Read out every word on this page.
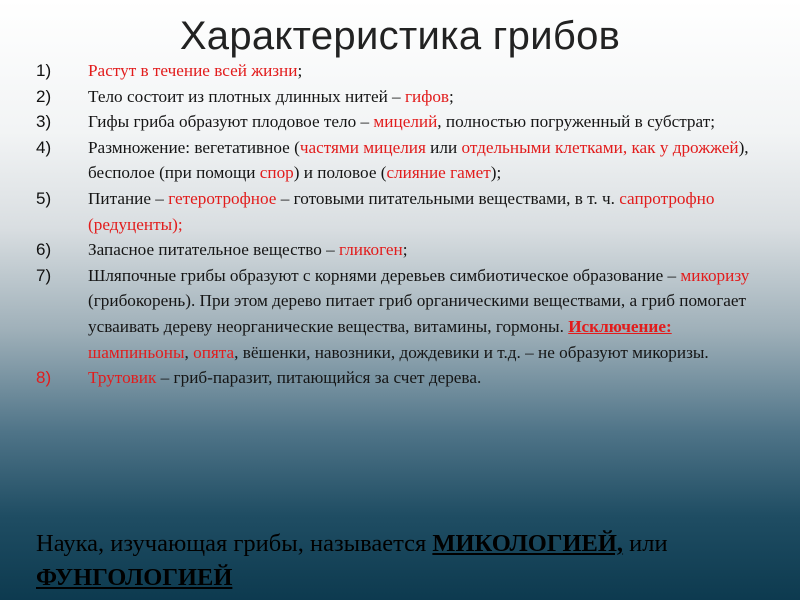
Характеристика грибов
1)	Растут в течение всей жизни;
2)	Тело состоит из плотных длинных нитей – гифов;
3)	Гифы гриба образуют плодовое тело – мицелий, полностью погруженный в субстрат;
4)	Размножение: вегетативное (частями мицелия или отдельными клетками, как у дрожжей), бесполое (при помощи спор) и половое (слияние гамет);
5)	Питание – гетеротрофное – готовыми питательными веществами, в т. ч. сапротрофно (редуценты);
6)	Запасное питательное вещество – гликоген;
7)	Шляпочные грибы образуют с корнями деревьев симбиотическое образование – микоризу (грибокорень). При этом дерево питает гриб органическими веществами, а гриб помогает усваивать дереву неорганические вещества, витамины, гормоны. Исключение: шампиньоны, опята, вёшенки, навозники, дождевики и т.д. – не образуют микоризы.
8)	Трутовик – гриб-паразит, питающийся за счет дерева.
Наука, изучающая грибы, называется МИКОЛОГИЕЙ, или ФУНГОЛОГИЕЙ
